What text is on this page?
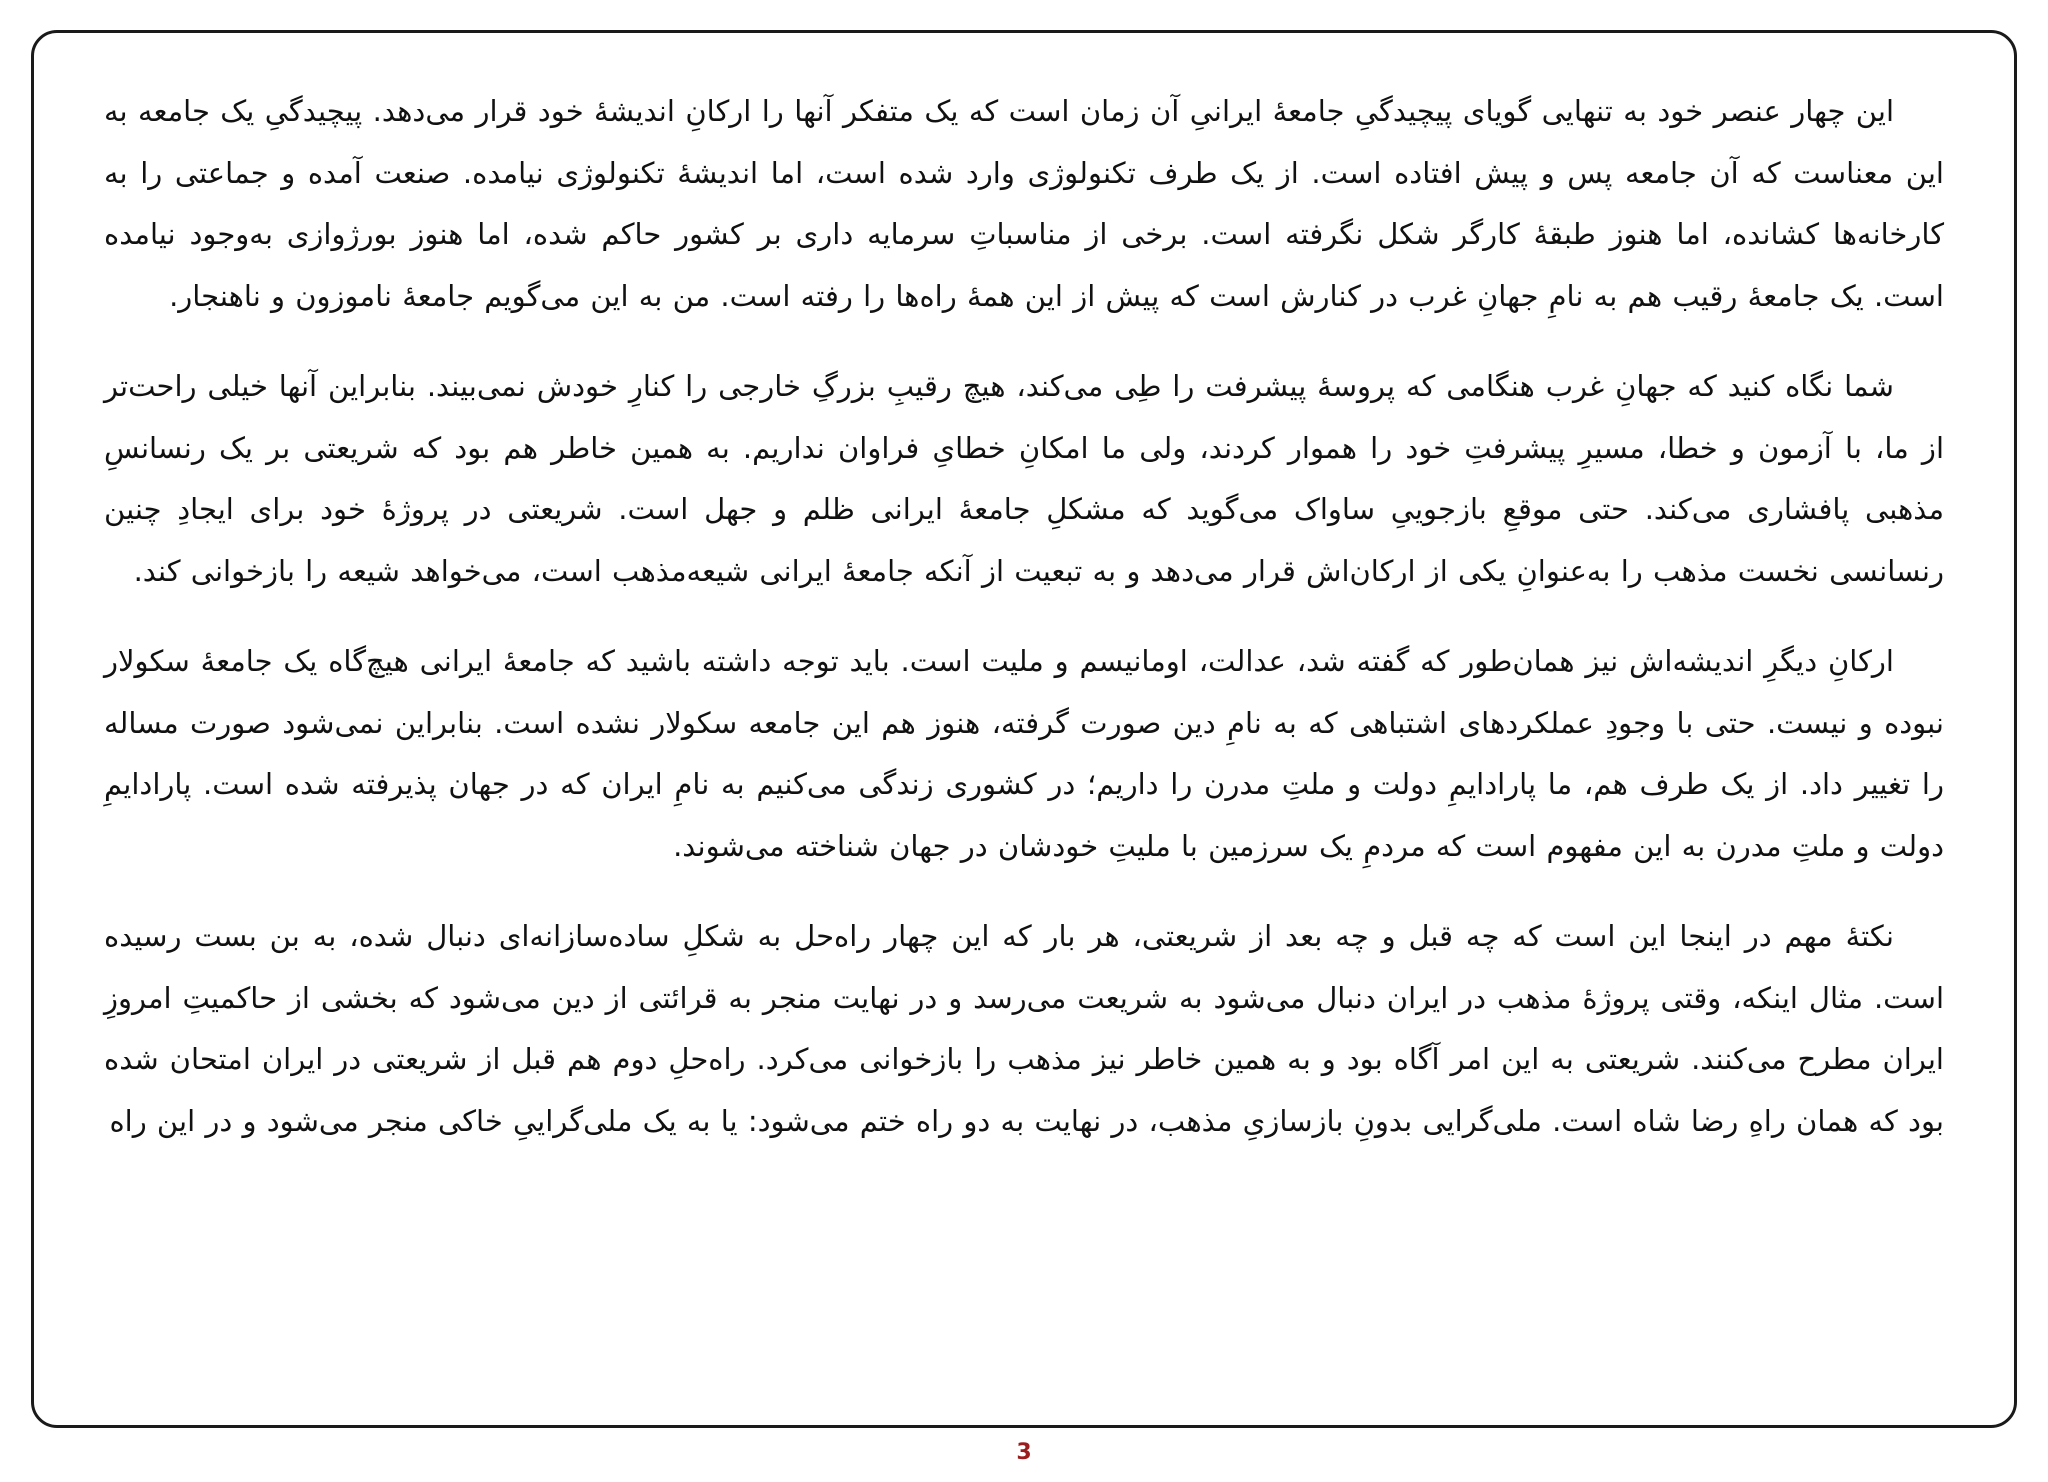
این چهار عنصر خود به تنهایی گویای پیچیدگیِ جامعۀ ایرانیِ آن زمان است که یک متفکر آنها را ارکانِ اندیشۀ خود قرار می‌دهد. پیچیدگیِ یک جامعه به این معناست که آن جامعه پس و پیش افتاده است. از یک طرف تکنولوژی وارد شده است، اما اندیشۀ تکنولوژی نیامده. صنعت آمده و جماعتی را به کارخانه‌ها کشانده، اما هنوز طبقۀ کارگر شکل نگرفته است. برخی از مناسباتِ سرمایه داری بر کشور حاکم شده، اما هنوز بورژوازی به‌وجود نیامده است. یک جامعۀ رقیب هم به نامِ جهانِ غرب در کنارش است که پیش از این همۀ راه‌ها را رفته است. من به این می‌گویم جامعۀ ناموزون و ناهنجار.

شما نگاه کنید که جهانِ غرب هنگامی که پروسۀ پیشرفت را طِی می‌کند، هیچ رقیبِ بزرگِ خارجی را کنارِ خودش نمی‌بیند. بنابراین آنها خیلی راحت‌تر از ما، با آزمون و خطا، مسیرِ پیشرفتِ خود را هموار کردند، ولی ما امکانِ خطایِ فراوان نداریم. به همین خاطر هم بود که شریعتی بر یک رنسانسِ مذهبی پافشاری می‌کند. حتی موقعِ بازجوییِ ساواک می‌گوید که مشکلِ جامعۀ ایرانی ظلم و جهل است. شریعتی در پروژۀ خود برای ایجادِ چنین رنسانسی نخست مذهب را به‌عنوانِ یکی از ارکان‌اش قرار می‌دهد و به تبعیت از آنکه جامعۀ ایرانی شیعه‌مذهب است، می‌خواهد شیعه را بازخوانی کند.

ارکانِ دیگرِ اندیشه‌اش نیز همان‌طور که گفته شد، عدالت، اومانیسم و ملیت است. باید توجه داشته باشید که جامعۀ ایرانی هیچ‌گاه یک جامعۀ سکولار نبوده و نیست. حتی با وجودِ عملکردهای اشتباهی که به نامِ دین صورت گرفته، هنوز هم این جامعه سکولار نشده است. بنابراین نمی‌شود صورت مساله را تغییر داد. از یک طرف هم، ما پارادایمِ دولت و ملتِ مدرن را داریم؛ در کشوری زندگی می‌کنیم به نامِ ایران که در جهان پذیرفته شده است. پارادایمِ دولت و ملتِ مدرن به این مفهوم است که مردمِ یک سرزمین با ملیتِ خودشان در جهان شناخته می‌شوند.

نکتۀ مهم در اینجا این است که چه قبل و چه بعد از شریعتی، هر بار که این چهار راه‌حل به شکلِ ساده‌سازانه‌ای دنبال شده، به بن بست رسیده است. مثال اینکه، وقتی پروژۀ مذهب در ایران دنبال می‌شود به شریعت می‌رسد و در نهایت منجر به قرائتی از دین می‌شود که بخشی از حاکمیتِ امروزِ ایران مطرح می‌کنند. شریعتی به این امر آگاه بود و به همین خاطر نیز مذهب را بازخوانی می‌کرد. راه‌حلِ دوم هم قبل از شریعتی در ایران امتحان شده بود که همان راهِ رضا شاه است. ملی‌گرایی بدونِ بازسازیِ مذهب، در نهایت به دو راه ختم می‌شود: یا به یک ملی‌گراییِ خاکی منجر می‌شود و در این راه

3
